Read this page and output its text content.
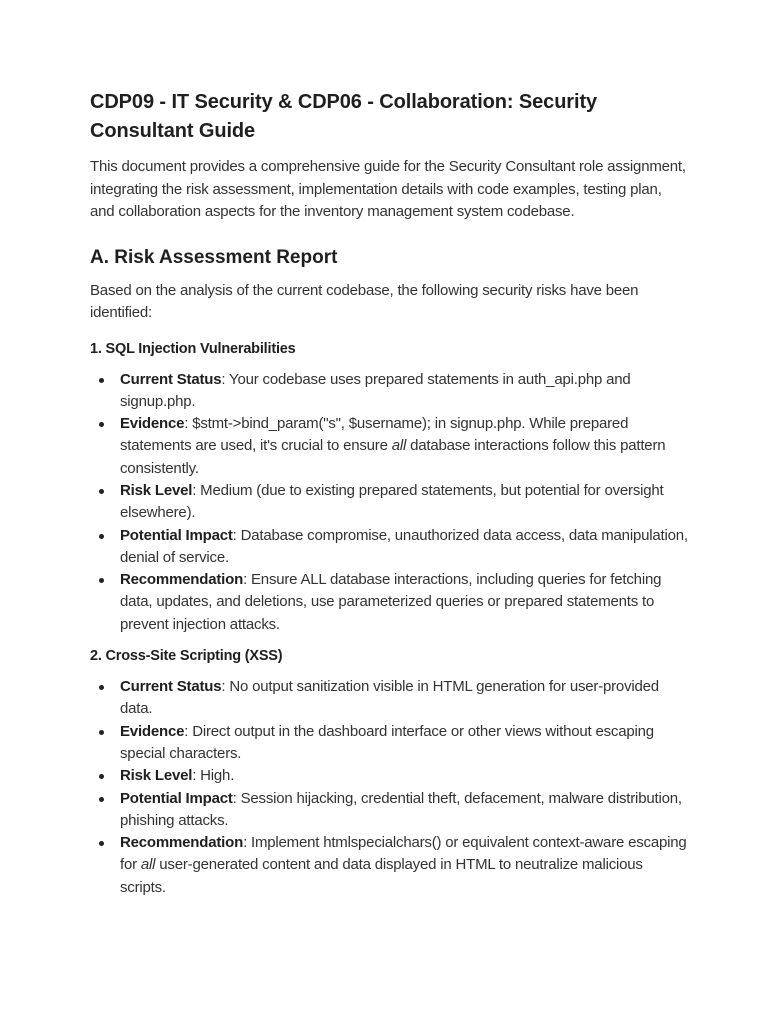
CDP09 - IT Security & CDP06 - Collaboration: Security Consultant Guide

This document provides a comprehensive guide for the Security Consultant role assignment, integrating the risk assessment, implementation details with code examples, testing plan, and collaboration aspects for the inventory management system codebase.

A. Risk Assessment Report

Based on the analysis of the current codebase, the following security risks have been identified:

1. SQL Injection Vulnerabilities
Current Status: Your codebase uses prepared statements in auth_api.php and signup.php.
Evidence: $stmt->bind_param("s", $username); in signup.php. While prepared statements are used, it's crucial to ensure all database interactions follow this pattern consistently.
Risk Level: Medium (due to existing prepared statements, but potential for oversight elsewhere).
Potential Impact: Database compromise, unauthorized data access, data manipulation, denial of service.
Recommendation: Ensure ALL database interactions, including queries for fetching data, updates, and deletions, use parameterized queries or prepared statements to prevent injection attacks.
2. Cross-Site Scripting (XSS)
Current Status: No output sanitization visible in HTML generation for user-provided data.
Evidence: Direct output in the dashboard interface or other views without escaping special characters.
Risk Level: High.
Potential Impact: Session hijacking, credential theft, defacement, malware distribution, phishing attacks.
Recommendation: Implement htmlspecialchars() or equivalent context-aware escaping for all user-generated content and data displayed in HTML to neutralize malicious scripts.
